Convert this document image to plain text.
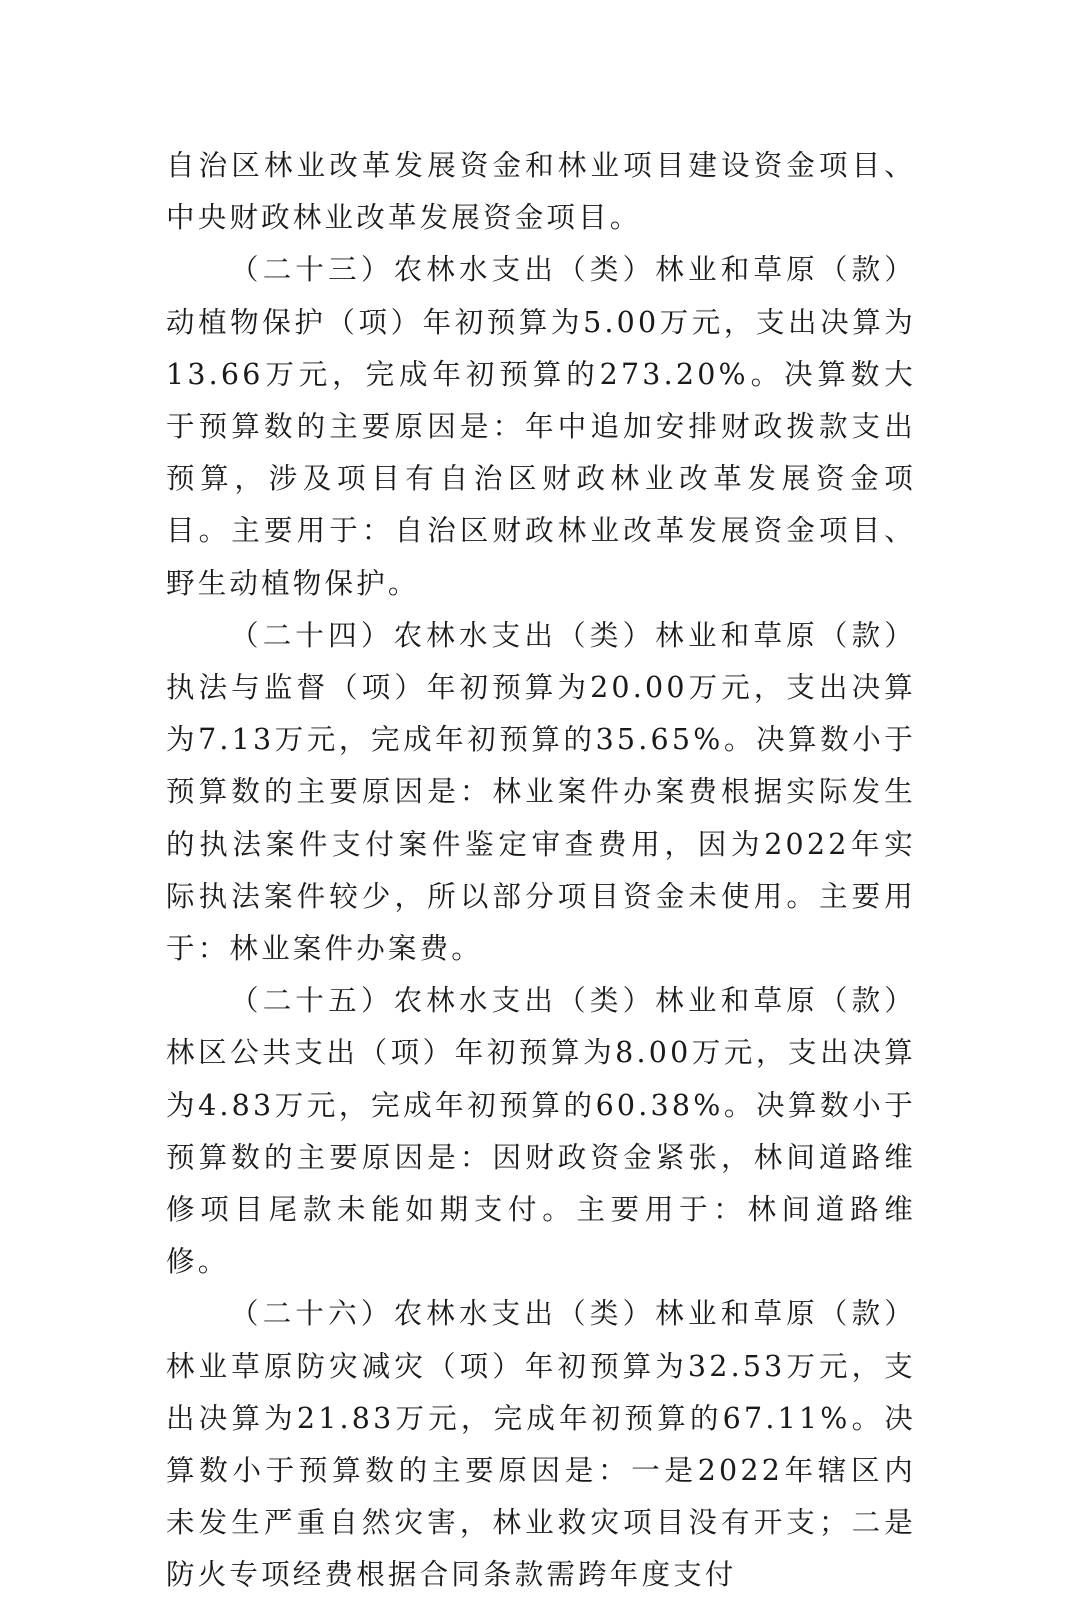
自治区林业改革发展资金和林业项目建设资金项目、中央财政林业改革发展资金项目。

（二十三）农林水支出（类）林业和草原（款）动植物保护（项）年初预算为5.00万元，支出决算为13.66万元，完成年初预算的273.20%。决算数大于预算数的主要原因是：年中追加安排财政拨款支出预算，涉及项目有自治区财政林业改革发展资金项目。主要用于：自治区财政林业改革发展资金项目、野生动植物保护。

（二十四）农林水支出（类）林业和草原（款）执法与监督（项）年初预算为20.00万元，支出决算为7.13万元，完成年初预算的35.65%。决算数小于预算数的主要原因是：林业案件办案费根据实际发生的执法案件支付案件鉴定审查费用，因为2022年实际执法案件较少，所以部分项目资金未使用。主要用于：林业案件办案费。

（二十五）农林水支出（类）林业和草原（款）林区公共支出（项）年初预算为8.00万元，支出决算为4.83万元，完成年初预算的60.38%。决算数小于预算数的主要原因是：因财政资金紧张，林间道路维修项目尾款未能如期支付。主要用于：林间道路维修。

（二十六）农林水支出（类）林业和草原（款）林业草原防灾减灾（项）年初预算为32.53万元，支出决算为21.83万元，完成年初预算的67.11%。决算数小于预算数的主要原因是：一是2022年辖区内未发生严重自然灾害，林业救灾项目没有开支；二是防火专项经费根据合同条款需跨年度支付
